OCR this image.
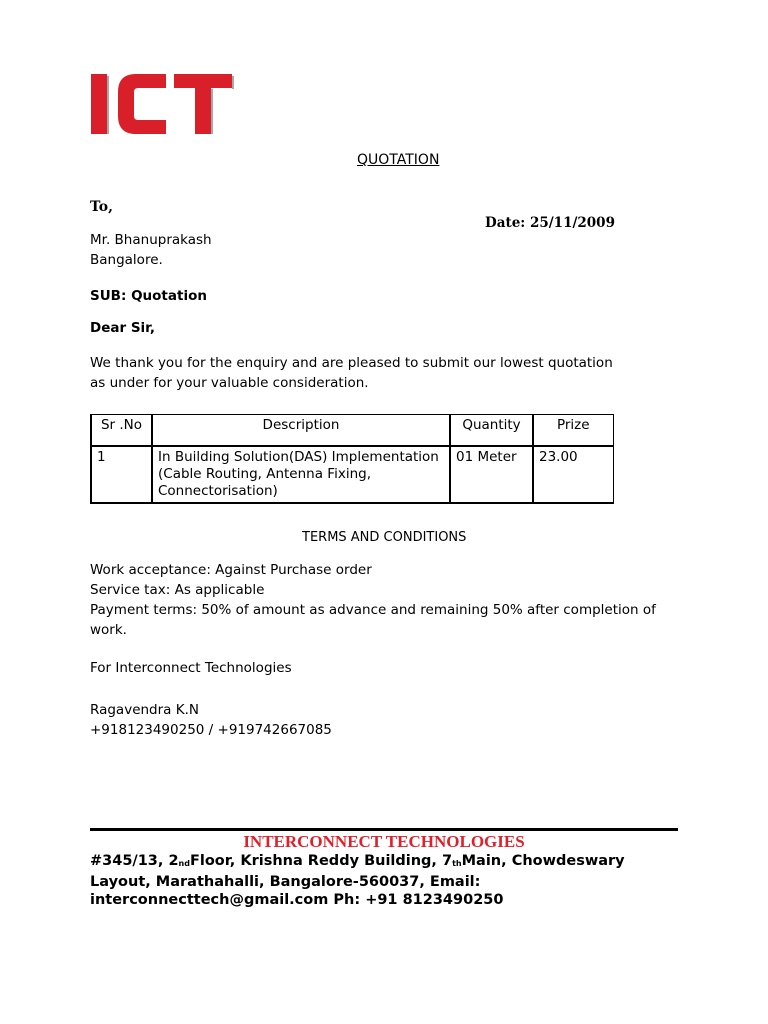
QUOTATION
To,
Date: 25/11/2009
Mr. Bhanuprakash
Bangalore.
SUB: Quotation
Dear Sir,
We thank you for the enquiry and are pleased to submit our lowest quotation
as under for your valuable consideration.
Sr .No	Description	Quantity	Prize
1	In Building Solution(DAS) Implementation (Cable Routing, Antenna Fixing, Connectorisation)	01 Meter	23.00
TERMS AND CONDITIONS
Work acceptance: Against Purchase order
Service tax: As applicable
Payment terms: 50% of amount as advance and remaining 50% after completion of
work.
For Interconnect Technologies
Ragavendra K.N
+918123490250 / +919742667085
INTERCONNECT TECHNOLOGIES
#345/13, 2ndFloor, Krishna Reddy Building, 7thMain, Chowdeswary
Layout, Marathahalli, Bangalore-560037, Email:
interconnecttech@gmail.com Ph: +91 8123490250
